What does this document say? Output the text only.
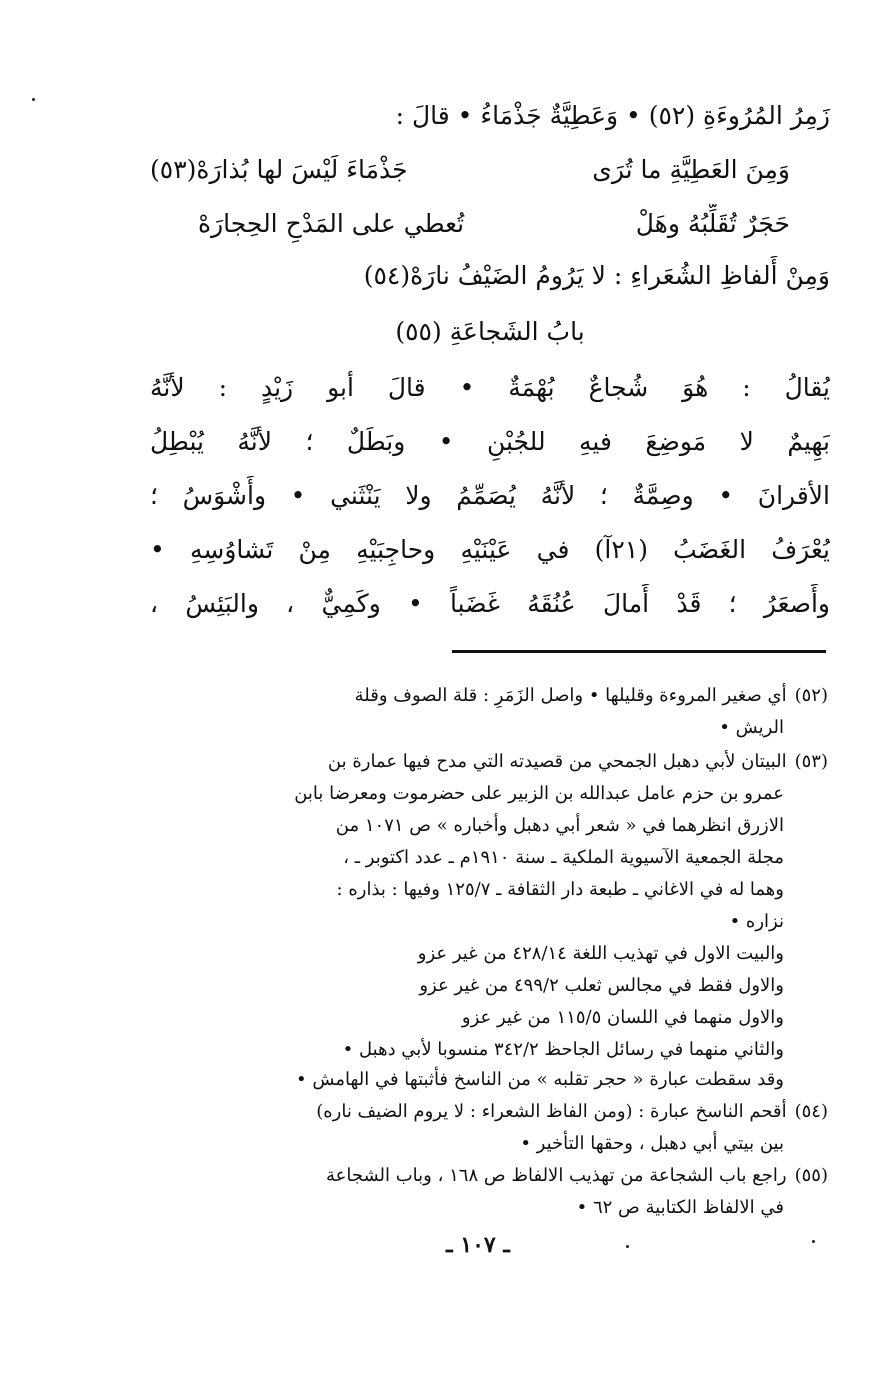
زَمِرُ المُرُوءَةِ (٥٢) • وَعَطِيَّةٌ جَذْمَاءُ • قالَ :
وَمِنَ العَطِيَّةِ ما تُرَى
جَذْمَاءَ لَيْسَ لها بُذارَهْ(٥٣)
حَجَرٌ تُقَلِّبُهُ وهَلْ
تُعطي على المَدْحِ الحِجارَهْ
وَمِنْ أَلفاظِ الشُعَراءِ : لا يَرُومُ الضَيْفُ نارَهْ(٥٤)
بابُ الشَجاعَةِ (٥٥)
يُقالُ : هُوَ شُجاعٌ بُهْمَةٌ • قالَ أبو زَيْدٍ : لأنَّهُ
بَهِيمٌ لا مَوضِعَ فيهِ للجُبْنِ • وبَطَلٌ ؛ لأنَّهُ يُبْطِلُ
الأقرانَ • وصِمَّةٌ ؛ لأنَّهُ يُصَمِّمُ ولا يَنْثَني • وأَشْوَسُ ؛
يُعْرَفُ الغَضَبُ (٢١آ) في عَيْنَيْهِ وحاجِبَيْهِ مِنْ تَشاوُسِهِ •
وأَصعَرُ ؛ قَدْ أَمالَ عُنُقَهُ غَضَباً • وكَمِيٌّ ، والبَئِسُ ،
(٥٢)أي صغير المروءة وقليلها • واصل الزَمَرِ : قلة الصوف وقلة
الريش •
(٥٣)البيتان لأبي دهبل الجمحي من قصيدته التي مدح فيها عمارة بن
عمرو بن حزم عامل عبدالله بن الزبير على حضرموت ومعرضا بابن
الازرق انظرهما في « شعر أبي دهبل وأخباره » ص ١٠٧١ من
مجلة الجمعية الآسيوية الملكية ـ سنة ١٩١٠م ـ عدد اكتوبر ـ ،
وهما له في الاغاني ـ طبعة دار الثقافة ـ ١٢٥/٧ وفيها : بذاره :
نزاره •
والبيت الاول في تهذيب اللغة ٤٢٨/١٤ من غير عزو
والاول فقط في مجالس ثعلب ٤٩٩/٢ من غير عزو
والاول منهما في اللسان ١١٥/٥ من غير عزو
والثاني منهما في رسائل الجاحظ ٣٤٢/٢ منسوبا لأبي دهبل •
وقد سقطت عبارة « حجر تقلبه » من الناسخ فأثبتها في الهامش •
(٥٤)أقحم الناسخ عبارة : (ومن الفاظ الشعراء : لا يروم الضيف ناره)
بين بيتي أبي دهبل ، وحقها التأخير •
(٥٥)راجع باب الشجاعة من تهذيب الالفاظ ص ١٦٨ ، وباب الشجاعة
في الالفاظ الكتابية ص ٦٢ •
ـ ١٠٧ ـ
